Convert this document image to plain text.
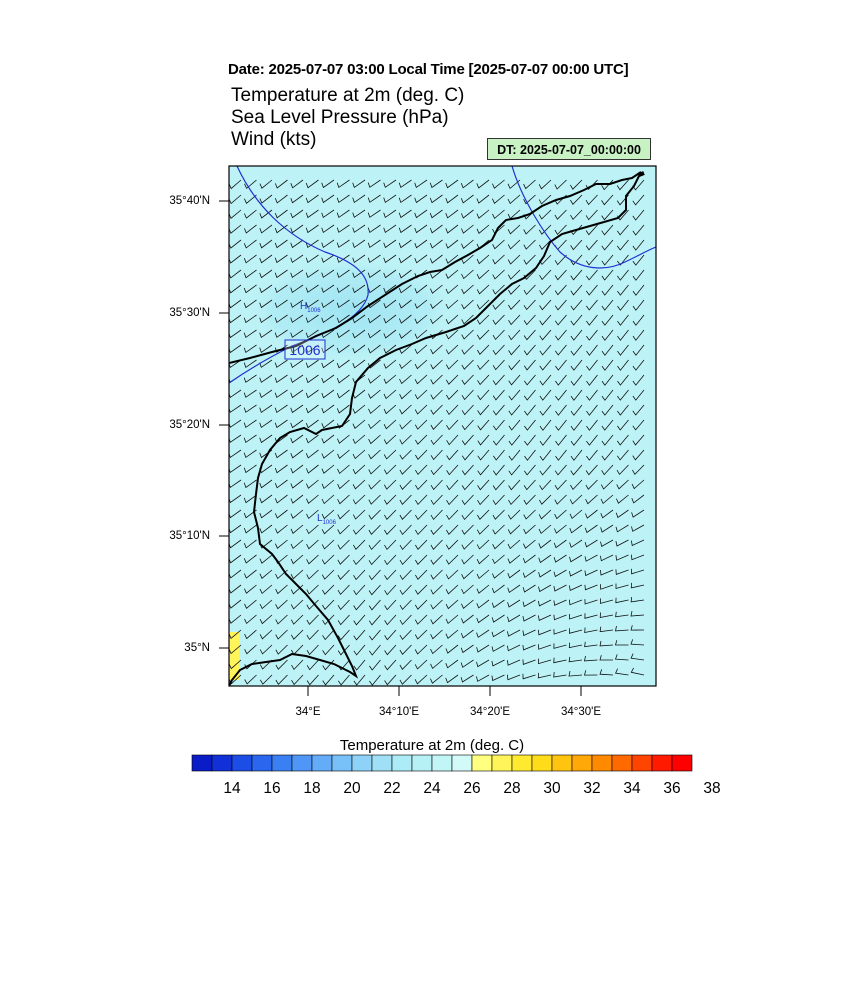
Date: 2025-07-07 03:00 Local Time [2025-07-07 00:00 UTC]
Temperature at 2m (deg. C)
Sea Level Pressure (hPa)
Wind (kts)	DT: 2025-07-07_00:00:00
$H_{1006}$
$L_{1006}$
1006
35°40'N
35°30'N
35°20'N
35°10'N
35°N
34°E	34°10'E	34°20'E	34°30'E
Temperature at 2m (deg. C)
14	16	18	20	22	24	26	28	30	32	34	36	38
